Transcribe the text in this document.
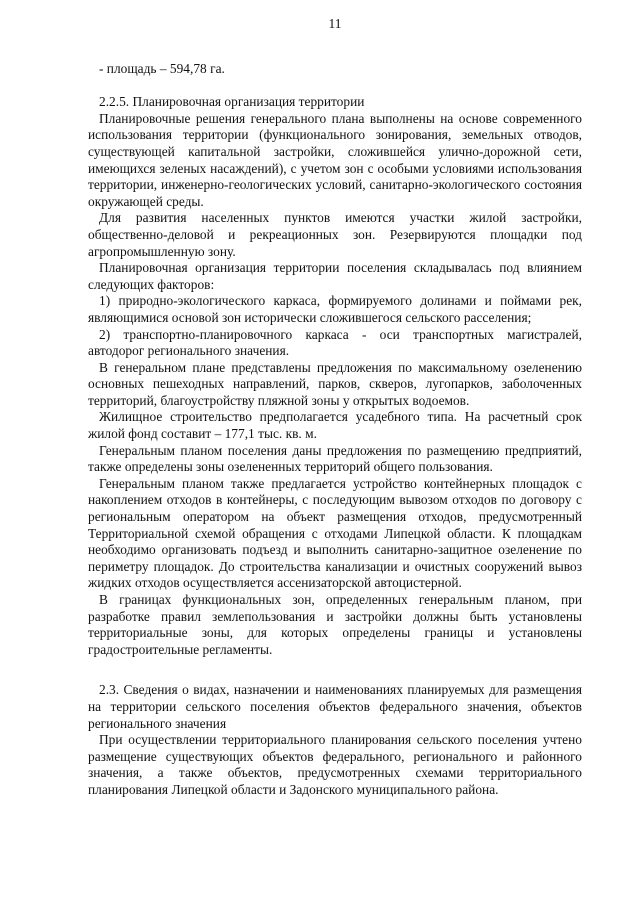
11

- площадь – 594,78 га.

2.2.5. Планировочная организация территории

Планировочные решения генерального плана выполнены на основе современного использования территории (функционального зонирования, земельных отводов, существующей капитальной застройки, сложившейся улично-дорожной сети, имеющихся зеленых насаждений), с учетом зон с особыми условиями использования территории, инженерно-геологических условий, санитарно-экологического состояния окружающей среды.

Для развития населенных пунктов имеются участки жилой застройки, общественно-деловой и рекреационных зон. Резервируются площадки под агропромышленную зону.

Планировочная организация территории поселения складывалась под влиянием следующих факторов:

1) природно-экологического каркаса, формируемого долинами и поймами рек, являющимися основой зон исторически сложившегося сельского расселения;

2) транспортно-планировочного каркаса - оси транспортных магистралей, автодорог регионального значения.

В генеральном плане представлены предложения по максимальному озеленению основных пешеходных направлений, парков, скверов, лугопарков, заболоченных территорий, благоустройству пляжной зоны у открытых водоемов.

Жилищное строительство предполагается усадебного типа. На расчетный срок жилой фонд составит – 177,1 тыс. кв. м.

Генеральным планом поселения даны предложения по размещению предприятий, также определены зоны озелененных территорий общего пользования.

Генеральным планом также предлагается устройство контейнерных площадок с накоплением отходов в контейнеры, с последующим вывозом отходов по договору с региональным оператором на объект размещения отходов, предусмотренный Территориальной схемой обращения с отходами Липецкой области. К площадкам необходимо организовать подъезд и выполнить санитарно-защитное озеленение по периметру площадок. До строительства канализации и очистных сооружений вывоз жидких отходов осуществляется ассенизаторской автоцистерной.

В границах функциональных зон, определенных генеральным планом, при разработке правил землепользования и застройки должны быть установлены территориальные зоны, для которых определены границы и установлены градостроительные регламенты.

2.3. Сведения о видах, назначении и наименованиях планируемых для размещения на территории сельского поселения объектов федерального значения, объектов регионального значения

При осуществлении территориального планирования сельского поселения учтено размещение существующих объектов федерального, регионального и районного значения, а также объектов, предусмотренных схемами территориального планирования Липецкой области и Задонского муниципального района.
